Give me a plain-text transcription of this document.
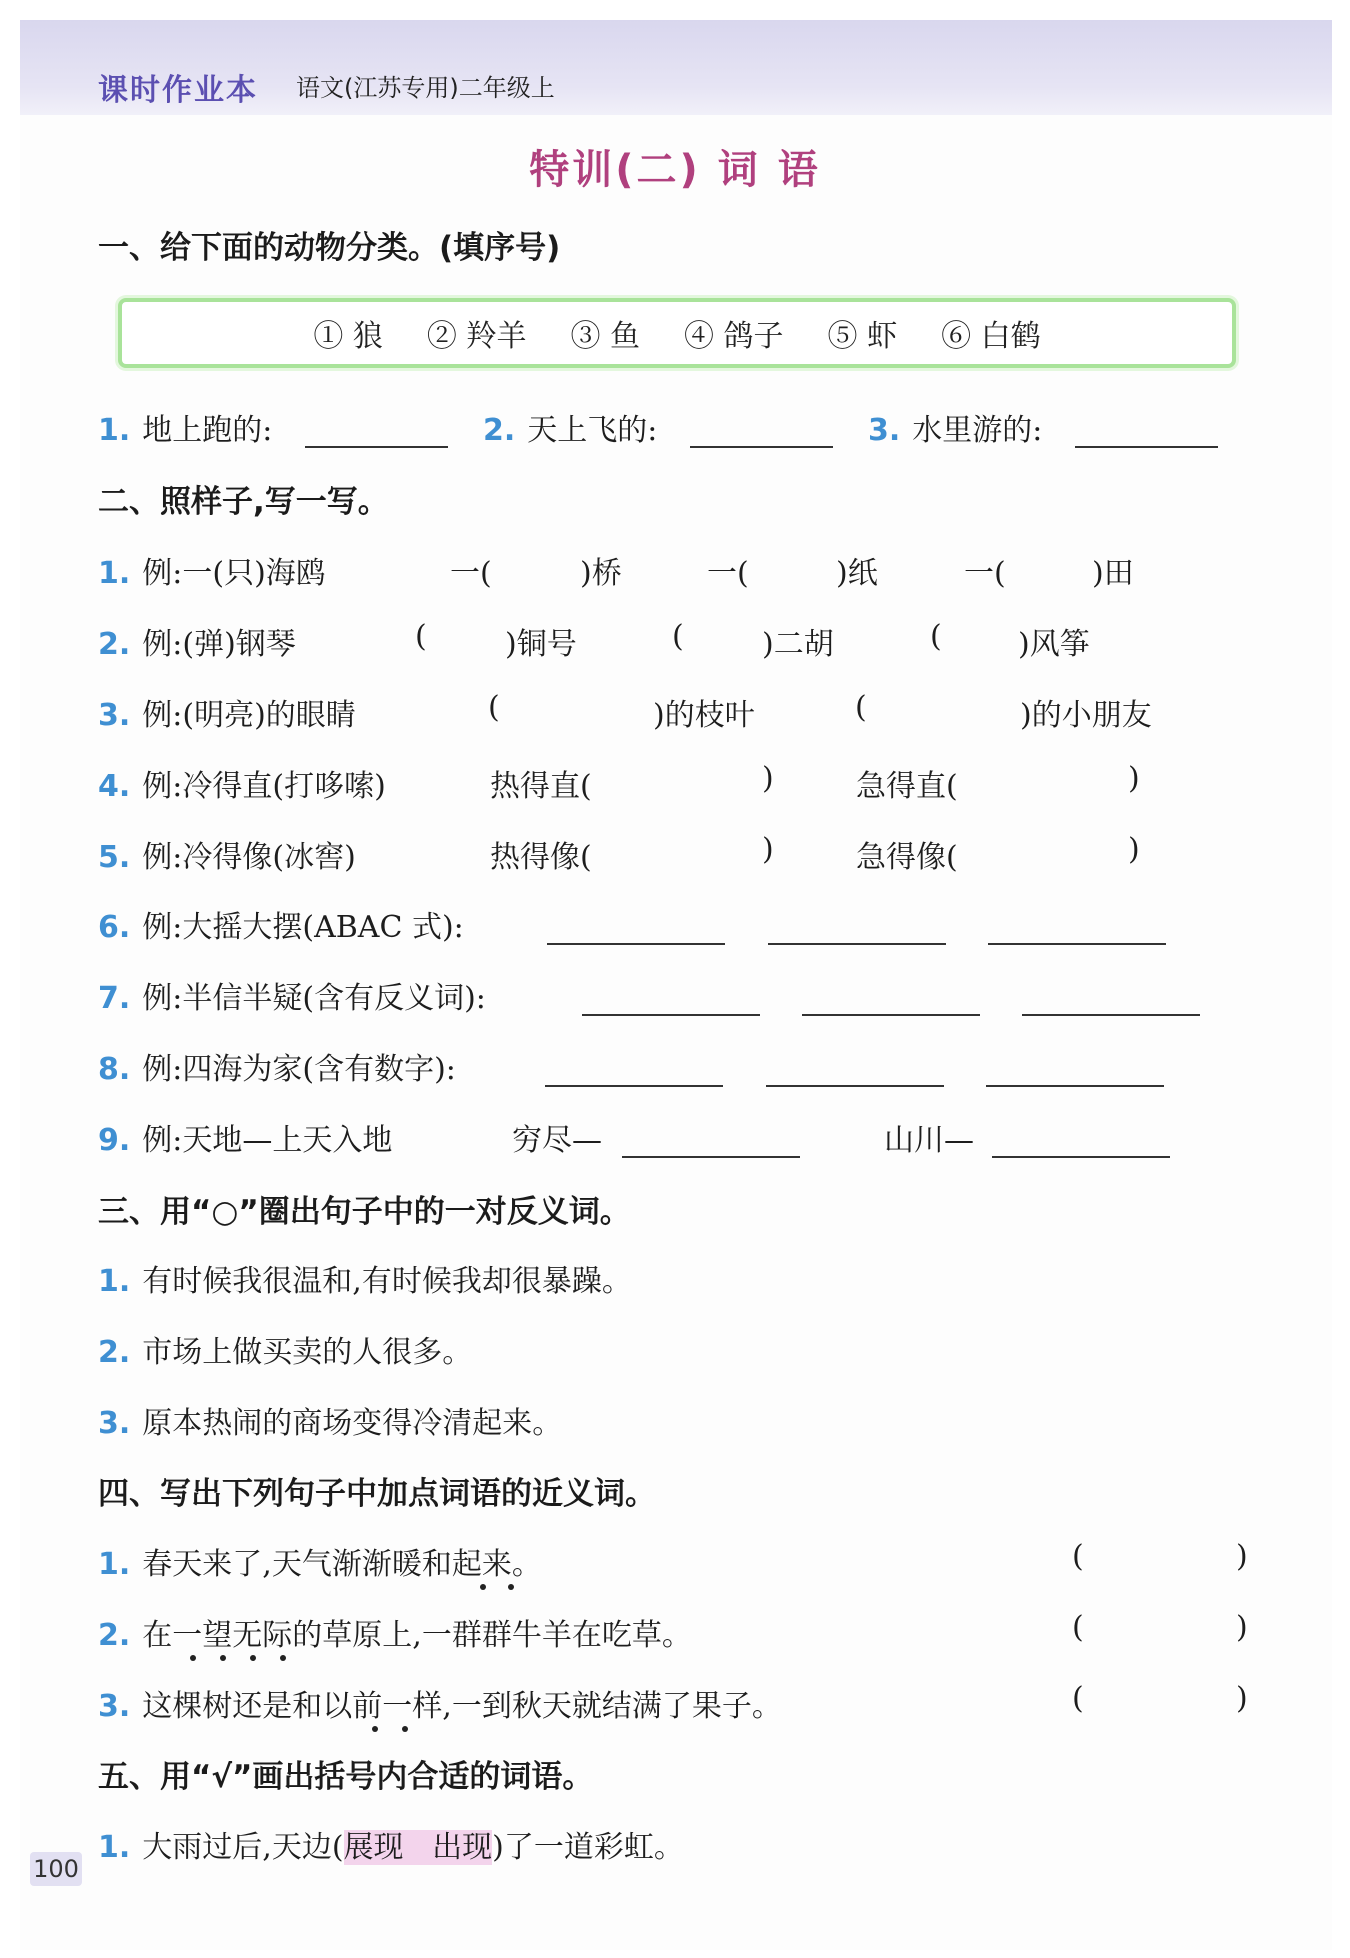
课时作业本 语文(江苏专用)二年级上
特训(二) 词 语
一、给下面的动物分类。(填序号)
① 狼 ② 羚羊 ③ 鱼 ④ 鸽子 ⑤ 虾 ⑥ 白鹤
1. 地上跑的:	2. 天上飞的:	3. 水里游的:
二、照样子,写一写。
1. 例:一(只)海鸥	一(	)桥	一(	)纸	一(	)田
2. 例:(弹)钢琴	(	)铜号	(	)二胡	(	)风筝
3. 例:(明亮)的眼睛	(	)的枝叶	(	)的小朋友
4. 例:冷得直(打哆嗦)	热得直(	)	急得直(	)
5. 例:冷得像(冰窖)	热得像(	)	急得像(	)
6. 例:大摇大摆(ABAC 式):
7. 例:半信半疑(含有反义词):
8. 例:四海为家(含有数字):
9. 例:天地—上天入地	穷尽—	山川—
三、用“○”圈出句子中的一对反义词。
1. 有时候我很温和,有时候我却很暴躁。
2. 市场上做买卖的人很多。
3. 原本热闹的商场变得冷清起来。
四、写出下列句子中加点词语的近义词。
1. 春天来了,天气渐渐暖和起来。	(	)
2. 在一望无际的草原上,一群群牛羊在吃草。	(	)
3. 这棵树还是和以前一样,一到秋天就结满了果子。	(	)
五、用“√”画出括号内合适的词语。
1. 大雨过后,天边(展现 出现)了一道彩虹。
100
